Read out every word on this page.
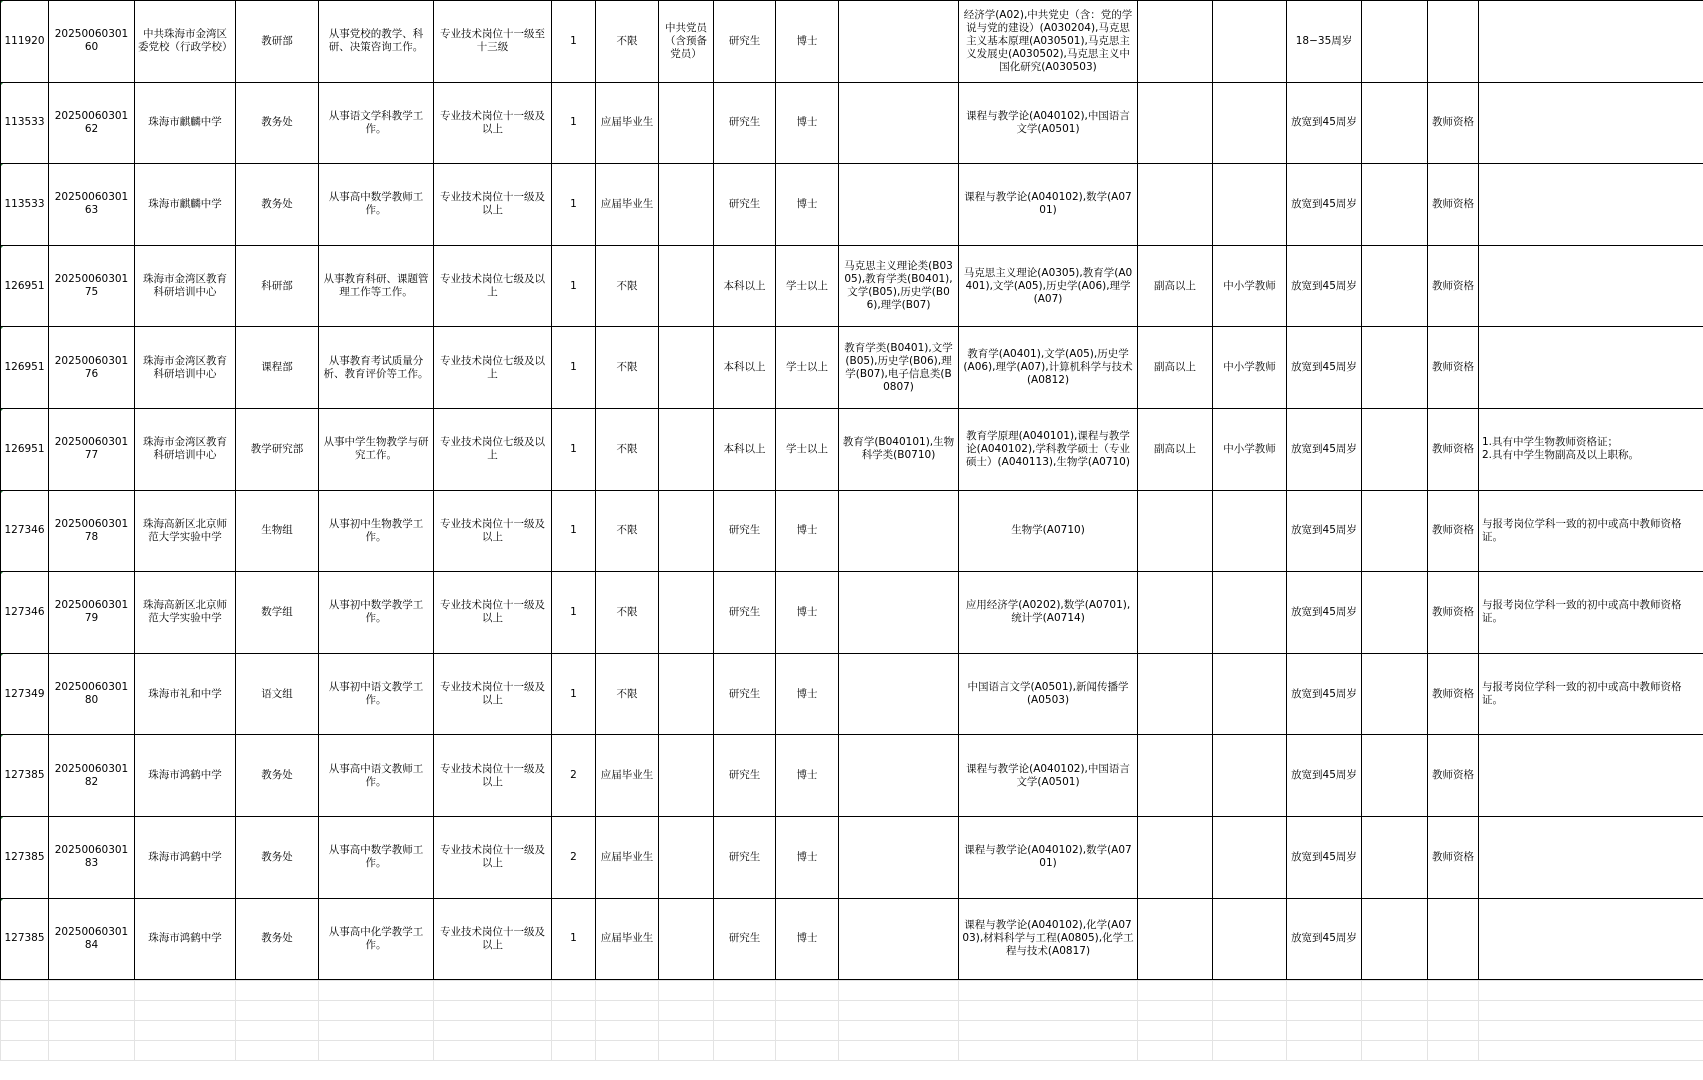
111920	2025006030160	中共珠海市金湾区委党校（行政学校）	教研部	从事党校的教学、科研、决策咨询工作。	专业技术岗位十一级至十三级	1	不限	中共党员（含预备党员）	研究生	博士		经济学(A02),中共党史（含：党的学说与党的建设）(A030204),马克思主义基本原理(A030501),马克思主义发展史(A030502),马克思主义中国化研究(A030503)			18−35周岁			
113533	2025006030162	珠海市麒麟中学	教务处	从事语文学科教学工作。	专业技术岗位十一级及以上	1	应届毕业生		研究生	博士		课程与教学论(A040102),中国语言文学(A0501)			放宽到45周岁		教师资格	
113533	2025006030163	珠海市麒麟中学	教务处	从事高中数学教师工作。	专业技术岗位十一级及以上	1	应届毕业生		研究生	博士		课程与教学论(A040102),数学(A0701)			放宽到45周岁		教师资格	
126951	2025006030175	珠海市金湾区教育科研培训中心	科研部	从事教育科研、课题管理工作等工作。	专业技术岗位七级及以上	1	不限		本科以上	学士以上	马克思主义理论类(B0305),教育学类(B0401),文学(B05),历史学(B06),理学(B07)	马克思主义理论(A0305),教育学(A0401),文学(A05),历史学(A06),理学(A07)	副高以上	中小学教师	放宽到45周岁		教师资格	
126951	2025006030176	珠海市金湾区教育科研培训中心	课程部	从事教育考试质量分析、教育评价等工作。	专业技术岗位七级及以上	1	不限		本科以上	学士以上	教育学类(B0401),文学(B05),历史学(B06),理学(B07),电子信息类(B0807)	教育学(A0401),文学(A05),历史学(A06),理学(A07),计算机科学与技术(A0812)	副高以上	中小学教师	放宽到45周岁		教师资格	
126951	2025006030177	珠海市金湾区教育科研培训中心	教学研究部	从事中学生物教学与研究工作。	专业技术岗位七级及以上	1	不限		本科以上	学士以上	教育学(B040101),生物科学类(B0710)	教育学原理(A040101),课程与教学论(A040102),学科教学硕士（专业硕士）(A040113),生物学(A0710)	副高以上	中小学教师	放宽到45周岁		教师资格	1.具有中学生物教师资格证；
2.具有中学生物副高及以上职称。
127346	2025006030178	珠海高新区北京师范大学实验中学	生物组	从事初中生物教学工作。	专业技术岗位十一级及以上	1	不限		研究生	博士		生物学(A0710)			放宽到45周岁		教师资格	与报考岗位学科一致的初中或高中教师资格证。
127346	2025006030179	珠海高新区北京师范大学实验中学	数学组	从事初中数学教学工作。	专业技术岗位十一级及以上	1	不限		研究生	博士		应用经济学(A0202),数学(A0701),统计学(A0714)			放宽到45周岁		教师资格	与报考岗位学科一致的初中或高中教师资格证。
127349	2025006030180	珠海市礼和中学	语文组	从事初中语文教学工作。	专业技术岗位十一级及以上	1	不限		研究生	博士		中国语言文学(A0501),新闻传播学(A0503)			放宽到45周岁		教师资格	与报考岗位学科一致的初中或高中教师资格证。
127385	2025006030182	珠海市鸿鹤中学	教务处	从事高中语文教师工作。	专业技术岗位十一级及以上	2	应届毕业生		研究生	博士		课程与教学论(A040102),中国语言文学(A0501)			放宽到45周岁		教师资格	
127385	2025006030183	珠海市鸿鹤中学	教务处	从事高中数学教师工作。	专业技术岗位十一级及以上	2	应届毕业生		研究生	博士		课程与教学论(A040102),数学(A0701)			放宽到45周岁		教师资格	
127385	2025006030184	珠海市鸿鹤中学	教务处	从事高中化学教学工作。	专业技术岗位十一级及以上	1	应届毕业生		研究生	博士		课程与教学论(A040102),化学(A0703),材料科学与工程(A0805),化学工程与技术(A0817)			放宽到45周岁			
